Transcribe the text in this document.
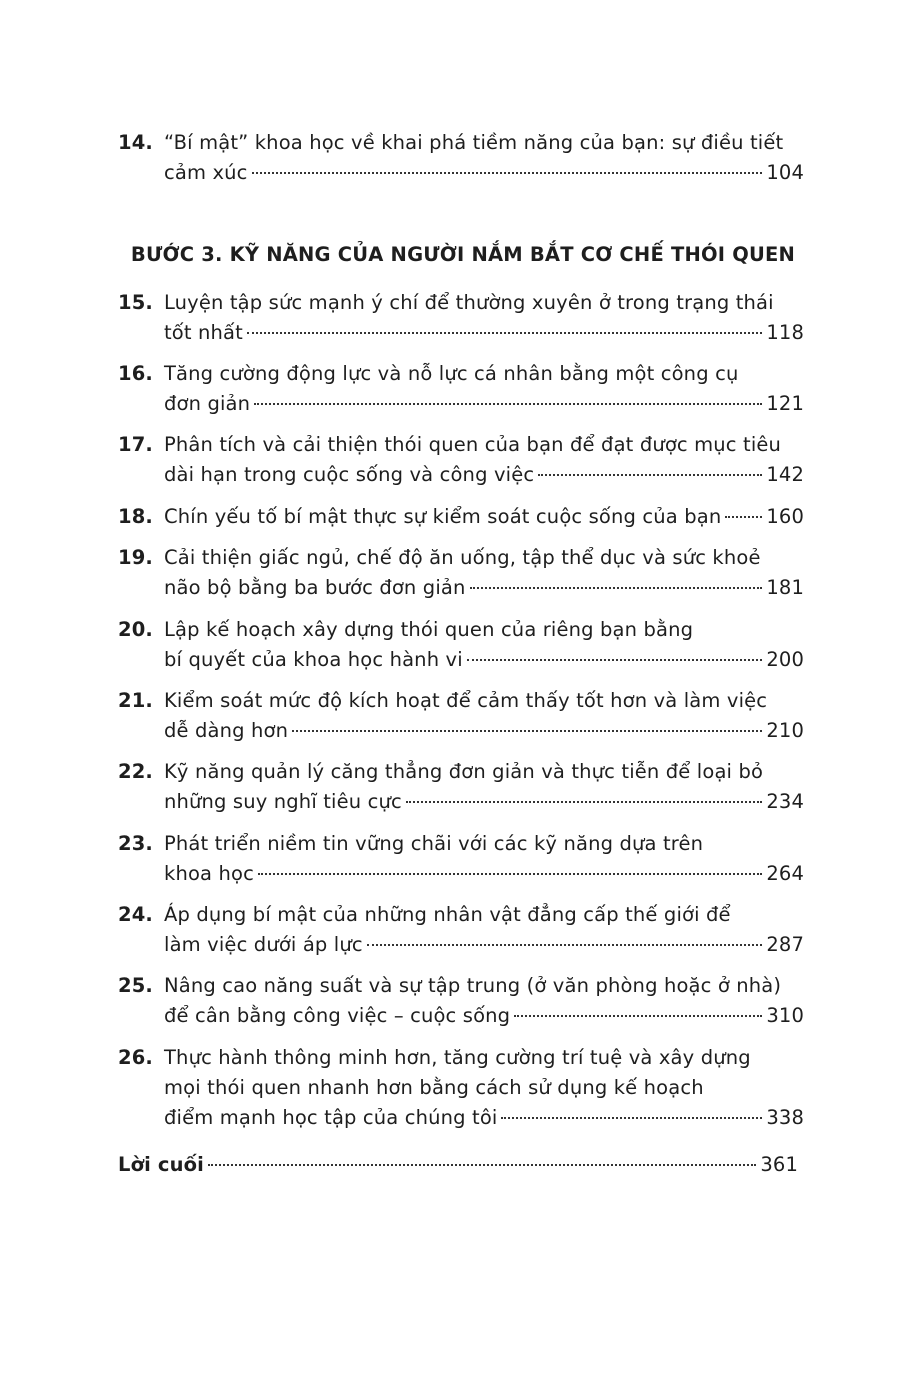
14. “Bí mật” khoa học về khai phá tiềm năng của bạn: sự điều tiết
cảm xúc	104
BƯỚC 3. KỸ NĂNG CỦA NGƯỜI NẮM BẮT CƠ CHẾ THÓI QUEN
15. Luyện tập sức mạnh ý chí để thường xuyên ở trong trạng thái
tốt nhất	118
16. Tăng cường động lực và nỗ lực cá nhân bằng một công cụ
đơn giản	121
17. Phân tích và cải thiện thói quen của bạn để đạt được mục tiêu
dài hạn trong cuộc sống và công việc	142
18. Chín yếu tố bí mật thực sự kiểm soát cuộc sống của bạn 160
19. Cải thiện giấc ngủ, chế độ ăn uống, tập thể dục và sức khoẻ
não bộ bằng ba bước đơn giản	181
20. Lập kế hoạch xây dựng thói quen của riêng bạn bằng
bí quyết của khoa học hành vi	200
21. Kiểm soát mức độ kích hoạt để cảm thấy tốt hơn và làm việc
dễ dàng hơn	210
22. Kỹ năng quản lý căng thẳng đơn giản và thực tiễn để loại bỏ
những suy nghĩ tiêu cực	234
23. Phát triển niềm tin vững chãi với các kỹ năng dựa trên
khoa học	264
24. Áp dụng bí mật của những nhân vật đẳng cấp thế giới để
làm việc dưới áp lực	287
25. Nâng cao năng suất và sự tập trung (ở văn phòng hoặc ở nhà)
để cân bằng công việc – cuộc sống	310
26. Thực hành thông minh hơn, tăng cường trí tuệ và xây dựng
mọi thói quen nhanh hơn bằng cách sử dụng kế hoạch
điểm mạnh học tập của chúng tôi	338
Lời cuối	361
